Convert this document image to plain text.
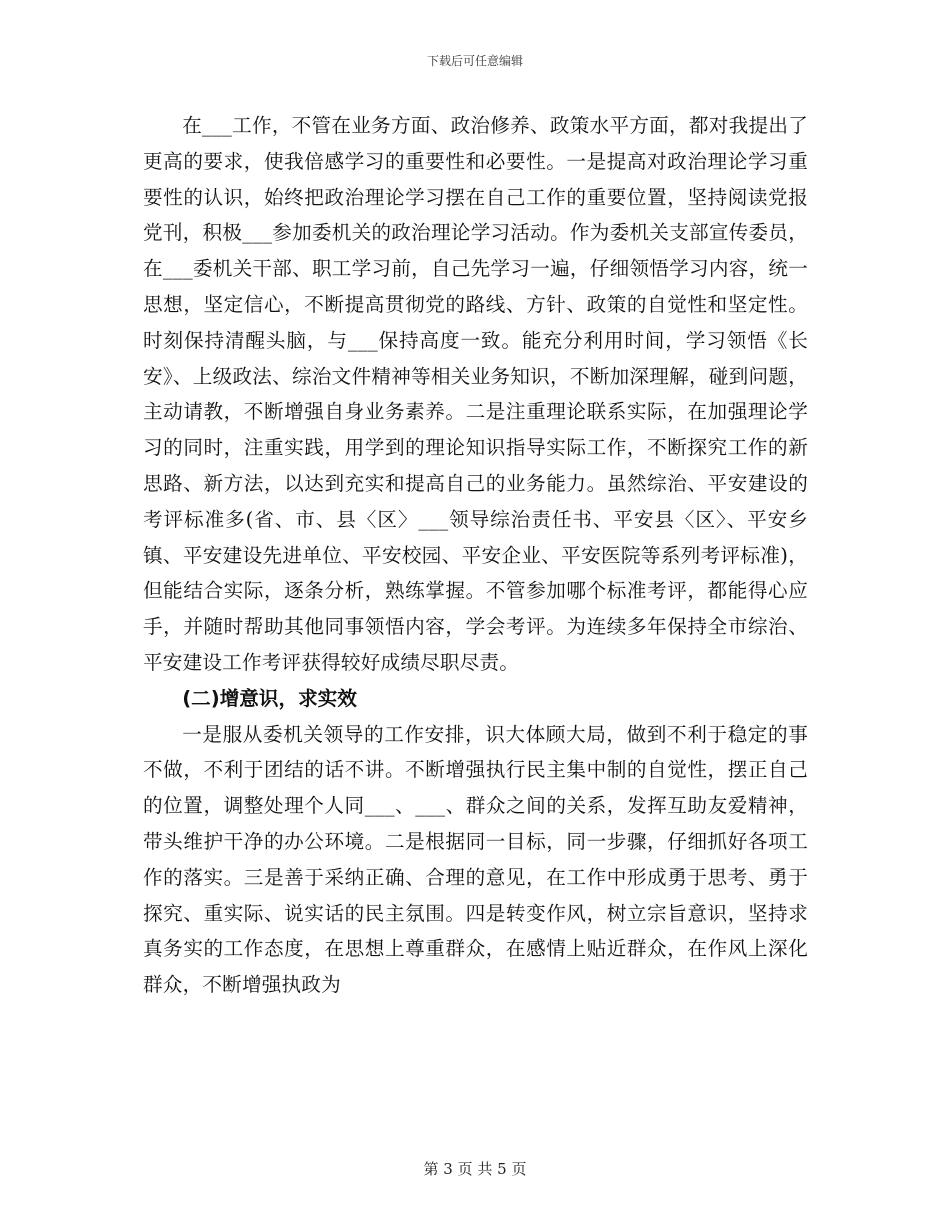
下载后可任意编辑

在___工作，不管在业务方面、政治修养、政策水平方面，都对我提出了更高的要求，使我倍感学习的重要性和必要性。一是提高对政治理论学习重要性的认识，始终把政治理论学习摆在自己工作的重要位置，坚持阅读党报党刊，积极___参加委机关的政治理论学习活动。作为委机关支部宣传委员，在___委机关干部、职工学习前，自己先学习一遍，仔细领悟学习内容，统一思想，坚定信心，不断提高贯彻党的路线、方针、政策的自觉性和坚定性。时刻保持清醒头脑，与___保持高度一致。能充分利用时间，学习领悟《长安》、上级政法、综治文件精神等相关业务知识，不断加深理解，碰到问题，主动请教，不断增强自身业务素养。二是注重理论联系实际，在加强理论学习的同时，注重实践，用学到的理论知识指导实际工作，不断探究工作的新思路、新方法，以达到充实和提高自己的业务能力。虽然综治、平安建设的考评标准多(省、市、县〈区〉___领导综治责任书、平安县〈区〉、平安乡镇、平安建设先进单位、平安校园、平安企业、平安医院等系列考评标准)，但能结合实际，逐条分析，熟练掌握。不管参加哪个标准考评，都能得心应手，并随时帮助其他同事领悟内容，学会考评。为连续多年保持全市综治、平安建设工作考评获得较好成绩尽职尽责。

(二)增意识，求实效

一是服从委机关领导的工作安排，识大体顾大局，做到不利于稳定的事不做，不利于团结的话不讲。不断增强执行民主集中制的自觉性，摆正自己的位置，调整处理个人同___、___、群众之间的关系，发挥互助友爱精神，带头维护干净的办公环境。二是根据同一目标，同一步骤，仔细抓好各项工作的落实。三是善于采纳正确、合理的意见，在工作中形成勇于思考、勇于探究、重实际、说实话的民主氛围。四是转变作风，树立宗旨意识，坚持求真务实的工作态度，在思想上尊重群众，在感情上贴近群众，在作风上深化群众，不断增强执政为

第 3 页 共 5 页
